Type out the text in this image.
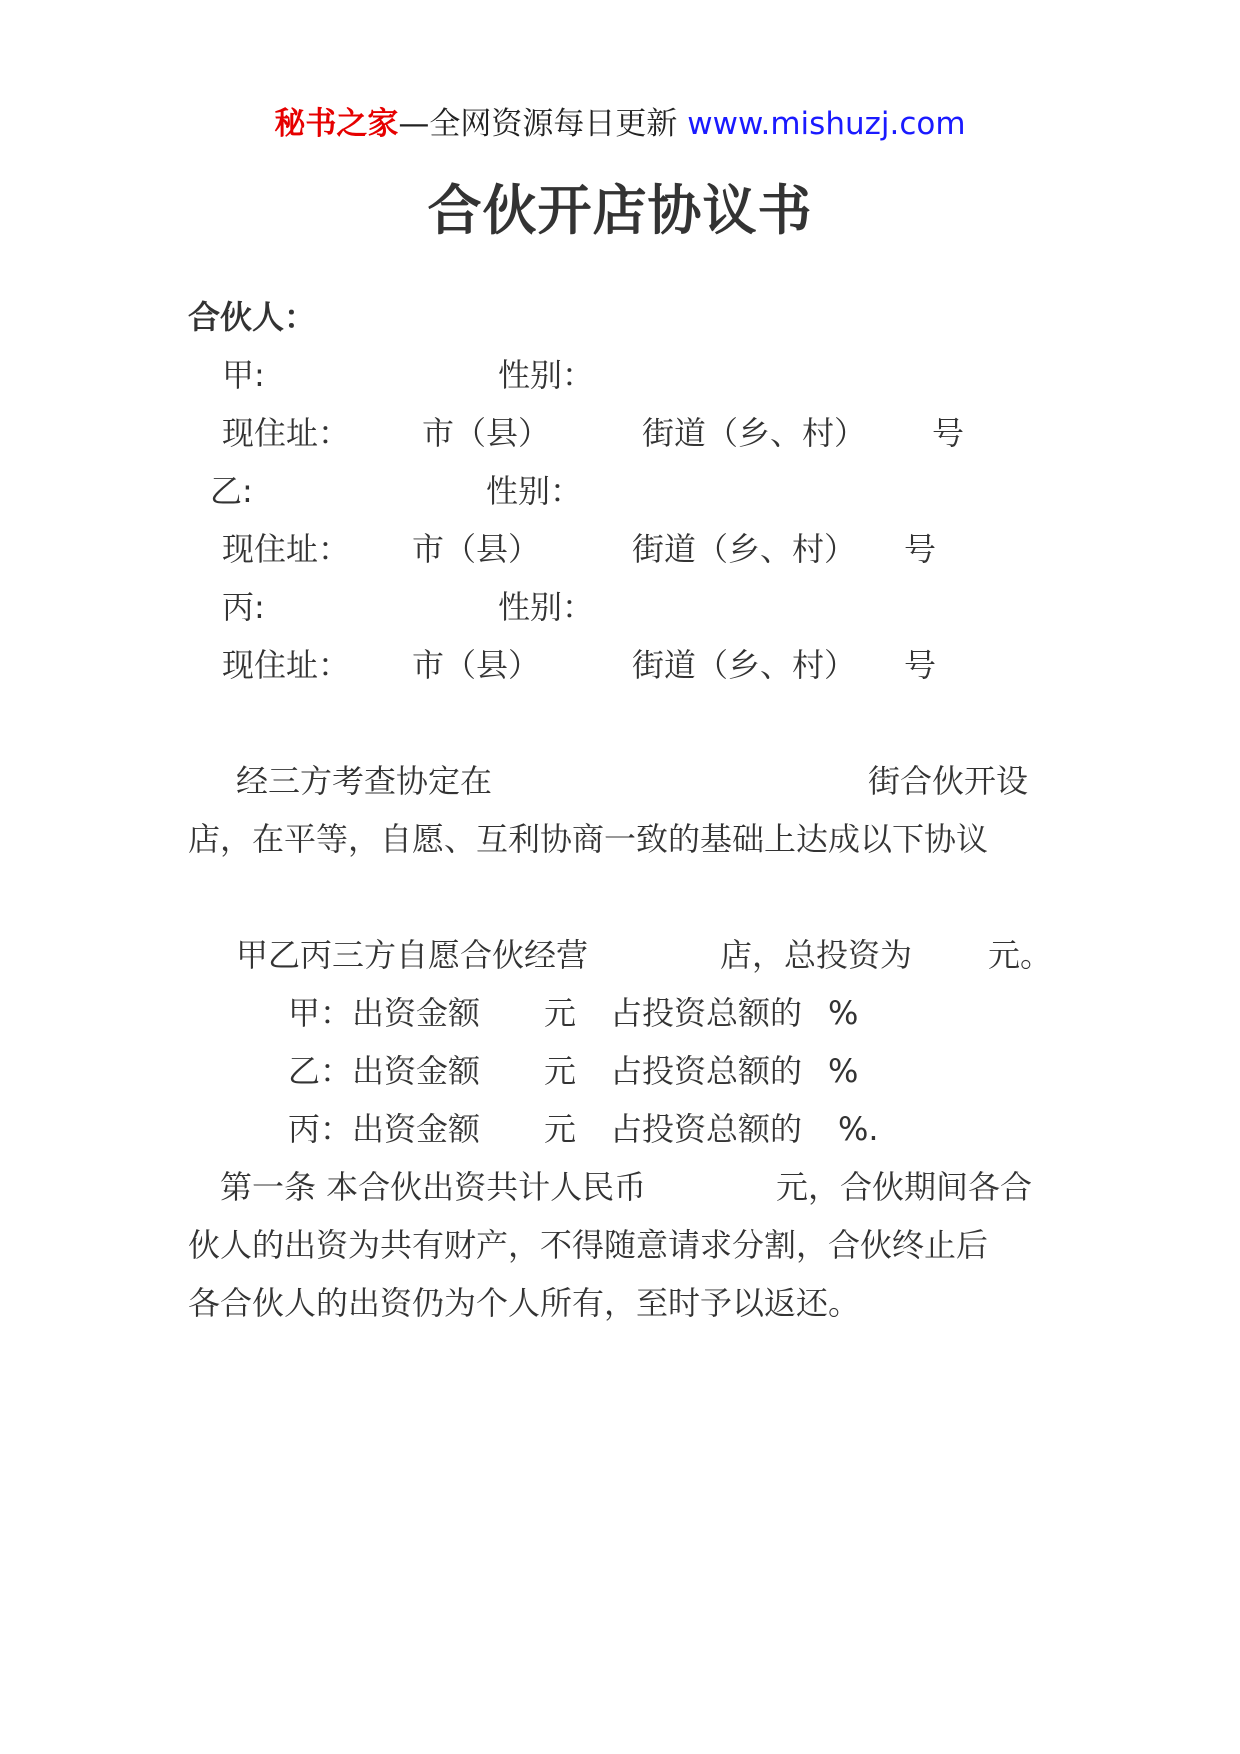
秘书之家—全网资源每日更新 www.mishuzj.com
合伙开店协议书
合伙人：
甲:	性别：
现住址： 市（县）	街道（乡、村） 号
乙:	性别：
现住址： 市（县）	街道（乡、村） 号
丙:	性别：
现住址： 市（县）	街道（乡、村） 号
经三方考查协定在	街合伙开设
店，在平等，自愿、互利协商一致的基础上达成以下协议
甲乙丙三方自愿合伙经营	店，总投资为 元。
甲：出资金额 元 占投资总额的 %
乙：出资金额 元 占投资总额的 %
丙：出资金额 元 占投资总额的 %.
第一条 本合伙出资共计人民币	元，合伙期间各合
伙人的出资为共有财产，不得随意请求分割，合伙终止后
各合伙人的出资仍为个人所有，至时予以返还。
